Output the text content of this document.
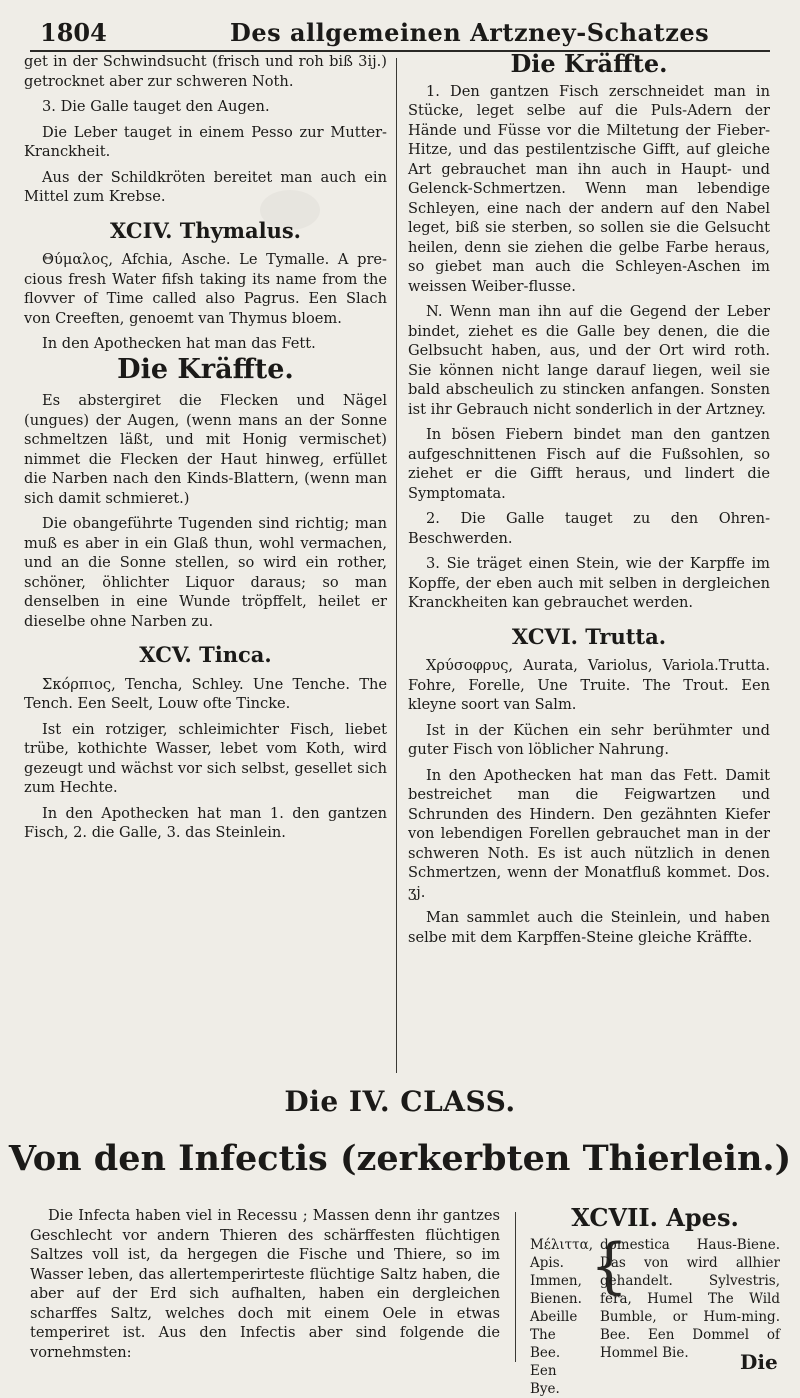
1804	Des allgemeinen Artzney-Schatzes

get in der Schwindsucht (frisch und roh biß 3ij.) getrocknet aber zur schweren Noth.

3. Die Galle tauget den Augen.

Die Leber tauget in einem Pesso zur Mutter-Kranckheit.

Aus der Schildkröten bereitet man auch ein Mittel zum Krebse.

XCIV. Thymalus.

Θύμαλος, Afchia, Asche. Le Tymalle. A pre-cious fresh Water fifsh taking its name from the flovver of Time called also Pagrus. Een Slach von Creeften, genoemt van Thymus bloem.

In den Apothecken hat man das Fett.

Die Kräffte.

Es abstergiret die Flecken und Nägel (ungues) der Augen, (wenn mans an der Sonne schmeltzen läßt, und mit Honig vermischet) nimmet die Flecken der Haut hinweg, erfüllet die Narben nach den Kinds-Blattern, (wenn man sich damit schmieret.)

Die obangeführte Tugenden sind richtig; man muß es aber in ein Glaß thun, wohl vermachen, und an die Sonne stellen, so wird ein rother, schöner, öhlichter Liquor daraus; so man denselben in eine Wunde tröpffelt, heilet er dieselbe ohne Narben zu.

XCV. Tinca.

Σκόρπιος, Tencha, Schley. Une Tenche. The Tench. Een Seelt, Louw ofte Tincke.

Ist ein rotziger, schleimichter Fisch, liebet trübe, kothichte Wasser, lebet vom Koth, wird gezeugt und wächst vor sich selbst, gesellet sich zum Hechte.

In den Apothecken hat man 1. den gantzen Fisch, 2. die Galle, 3. das Steinlein.

Die Kräffte.

1. Den gantzen Fisch zerschneidet man in Stücke, leget selbe auf die Puls-Adern der Hände und Füsse vor die Miltetung der Fieber-Hitze, und das pestilentzische Gifft, auf gleiche Art gebrauchet man ihn auch in Haupt- und Gelenck-Schmertzen. Wenn man lebendige Schleyen, eine nach der andern auf den Nabel leget, biß sie sterben, so sollen sie die Gelsucht heilen, denn sie ziehen die gelbe Farbe heraus, so giebet man auch die Schleyen-Aschen im weissen Weiber-flusse.

N. Wenn man ihn auf die Gegend der Leber bindet, ziehet es die Galle bey denen, die die Gelbsucht haben, aus, und der Ort wird roth. Sie können nicht lange darauf liegen, weil sie bald abscheulich zu stincken anfangen. Sonsten ist ihr Gebrauch nicht sonderlich in der Artzney.

In bösen Fiebern bindet man den gantzen aufgeschnittenen Fisch auf die Fußsohlen, so ziehet er die Gifft heraus, und lindert die Symptomata.

2. Die Galle tauget zu den Ohren-Beschwerden.

3. Sie träget einen Stein, wie der Karpffe im Kopffe, der eben auch mit selben in dergleichen Kranckheiten kan gebrauchet werden.

XCVI. Trutta.

Χρύσοφρυς, Aurata, Variolus, Variola.Trutta. Fohre, Forelle, Une Truite. The Trout. Een kleyne soort van Salm.

Ist in der Küchen ein sehr berühmter und guter Fisch von löblicher Nahrung.

In den Apothecken hat man das Fett. Damit bestreichet man die Feigwartzen und Schrunden des Hindern. Den gezähnten Kiefer von lebendigen Forellen gebrauchet man in der schweren Noth. Es ist auch nützlich in denen Schmertzen, wenn der Monatfluß kommet. Dos. ʒj.

Man sammlet auch die Steinlein, und haben selbe mit dem Karpffen-Steine gleiche Kräffte.

Die IV. CLASS.
Von den Infectis (zerkerbten Thierlein.)

Die Infecta haben viel in Recessu ; Massen denn ihr gantzes Geschlecht vor andern Thieren des schärffesten flüchtigen Saltzes voll ist, da hergegen die Fische und Thiere, so im Wasser leben, das allertemperirteste flüchtige Saltz haben, die aber auf der Erd sich aufhalten, haben ein dergleichen scharffes Saltz, welches doch mit einem Oele in etwas temperiret ist. Aus den Infectis aber sind folgende die vornehmsten:

XCVII. Apes.
Μέλιττα, Apis. Immen, Bienen. Abeille The Bee. Een Bye.
{
domestica Haus-Biene. Das von wird allhier gehandelt. Sylvestris, fera, Humel The Wild Bumble, or Hum-ming. Bee. Een Dommel of Hommel Bie.	Die
